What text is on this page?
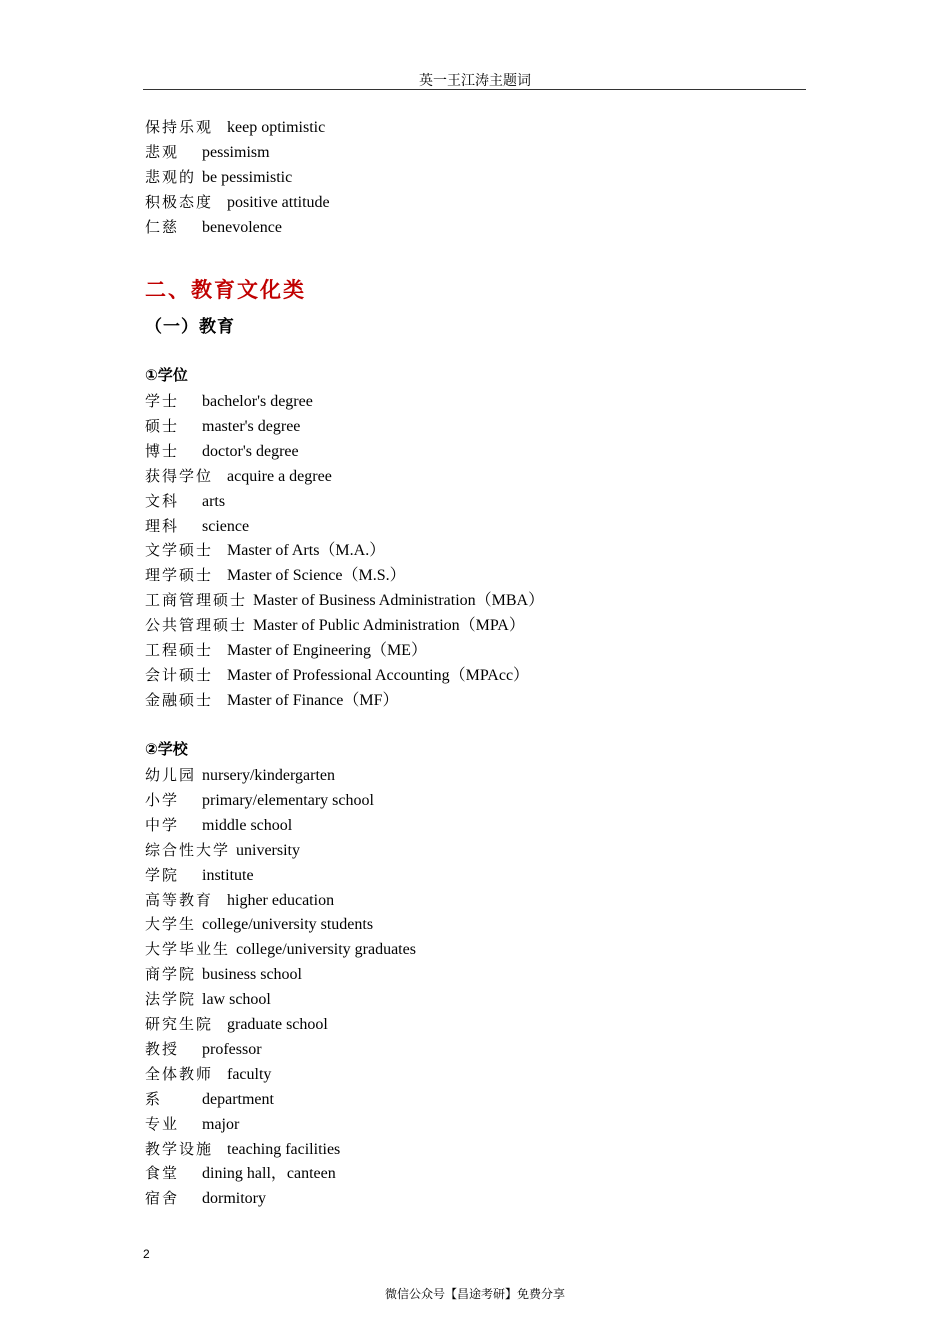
英一王江涛主题词
保持乐观 keep optimistic
悲观 pessimism
悲观的 be pessimistic
积极态度 positive attitude
仁慈 benevolence
二、教育文化类
（一）教育
①学位
学士 bachelor's degree
硕士 master's degree
博士 doctor's degree
获得学位 acquire a degree
文科 arts
理科 science
文学硕士 Master of Arts（M.A.）
理学硕士 Master of Science（M.S.）
工商管理硕士 Master of Business Administration（MBA）
公共管理硕士 Master of Public Administration（MPA）
工程硕士 Master of Engineering（ME）
会计硕士 Master of Professional Accounting（MPAcc）
金融硕士 Master of Finance（MF）
②学校
幼儿园 nursery/kindergarten
小学 primary/elementary school
中学 middle school
综合性大学 university
学院 institute
高等教育 higher education
大学生 college/university students
大学毕业生 college/university graduates
商学院 business school
法学院 law school
研究生院 graduate school
教授 professor
全体教师 faculty
系 department
专业 major
教学设施 teaching facilities
食堂 dining hall，canteen
宿舍 dormitory
2
微信公众号【昌途考研】免费分享
